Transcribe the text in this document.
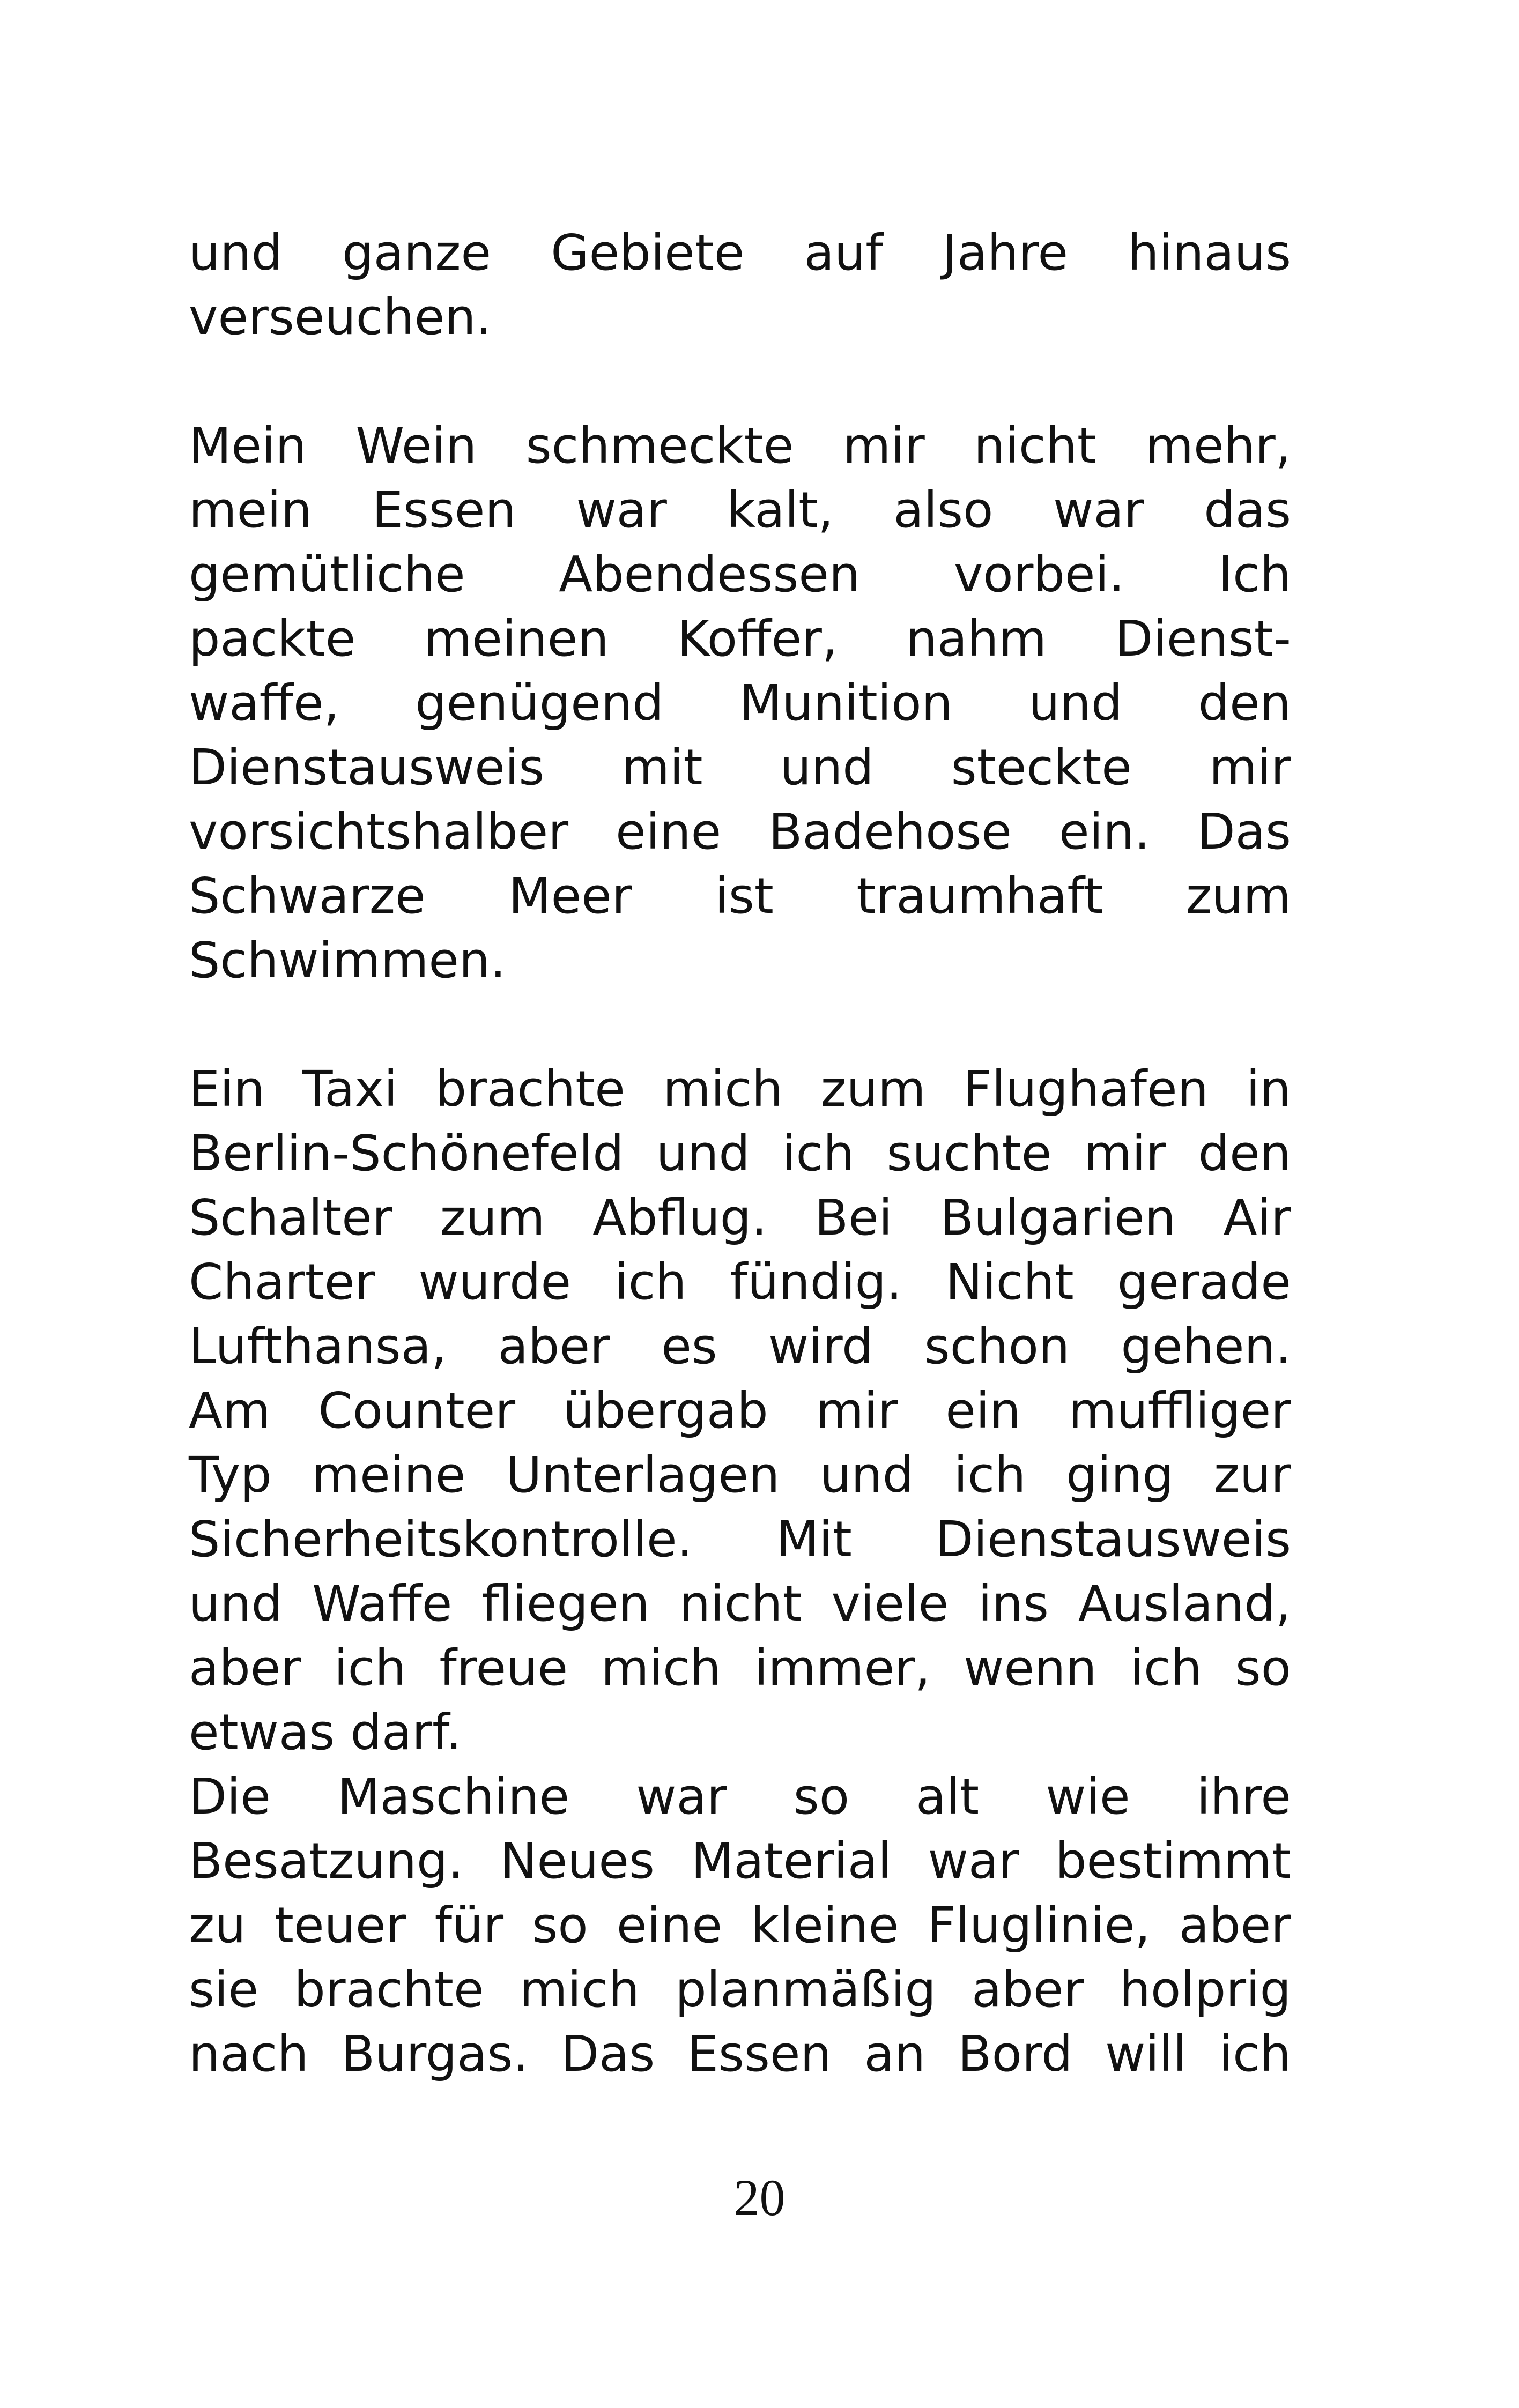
und ganze Gebiete auf Jahre hinaus
verseuchen.
Mein Wein schmeckte mir nicht mehr,
mein Essen war kalt, also war das
gemütliche Abendessen vorbei. Ich
packte meinen Koffer, nahm Dienst-
waffe, genügend Munition und den
Dienstausweis mit und steckte mir
vorsichtshalber eine Badehose ein. Das
Schwarze Meer ist traumhaft zum
Schwimmen.
Ein Taxi brachte mich zum Flughafen in
Berlin-Schönefeld und ich suchte mir den
Schalter zum Abflug. Bei Bulgarien Air
Charter wurde ich fündig. Nicht gerade
Lufthansa, aber es wird schon gehen.
Am Counter übergab mir ein muffliger
Typ meine Unterlagen und ich ging zur
Sicherheitskontrolle. Mit Dienstausweis
und Waffe fliegen nicht viele ins Ausland,
aber ich freue mich immer, wenn ich so
etwas darf.
Die Maschine war so alt wie ihre
Besatzung. Neues Material war bestimmt
zu teuer für so eine kleine Fluglinie, aber
sie brachte mich planmäßig aber holprig
nach Burgas. Das Essen an Bord will ich
20
